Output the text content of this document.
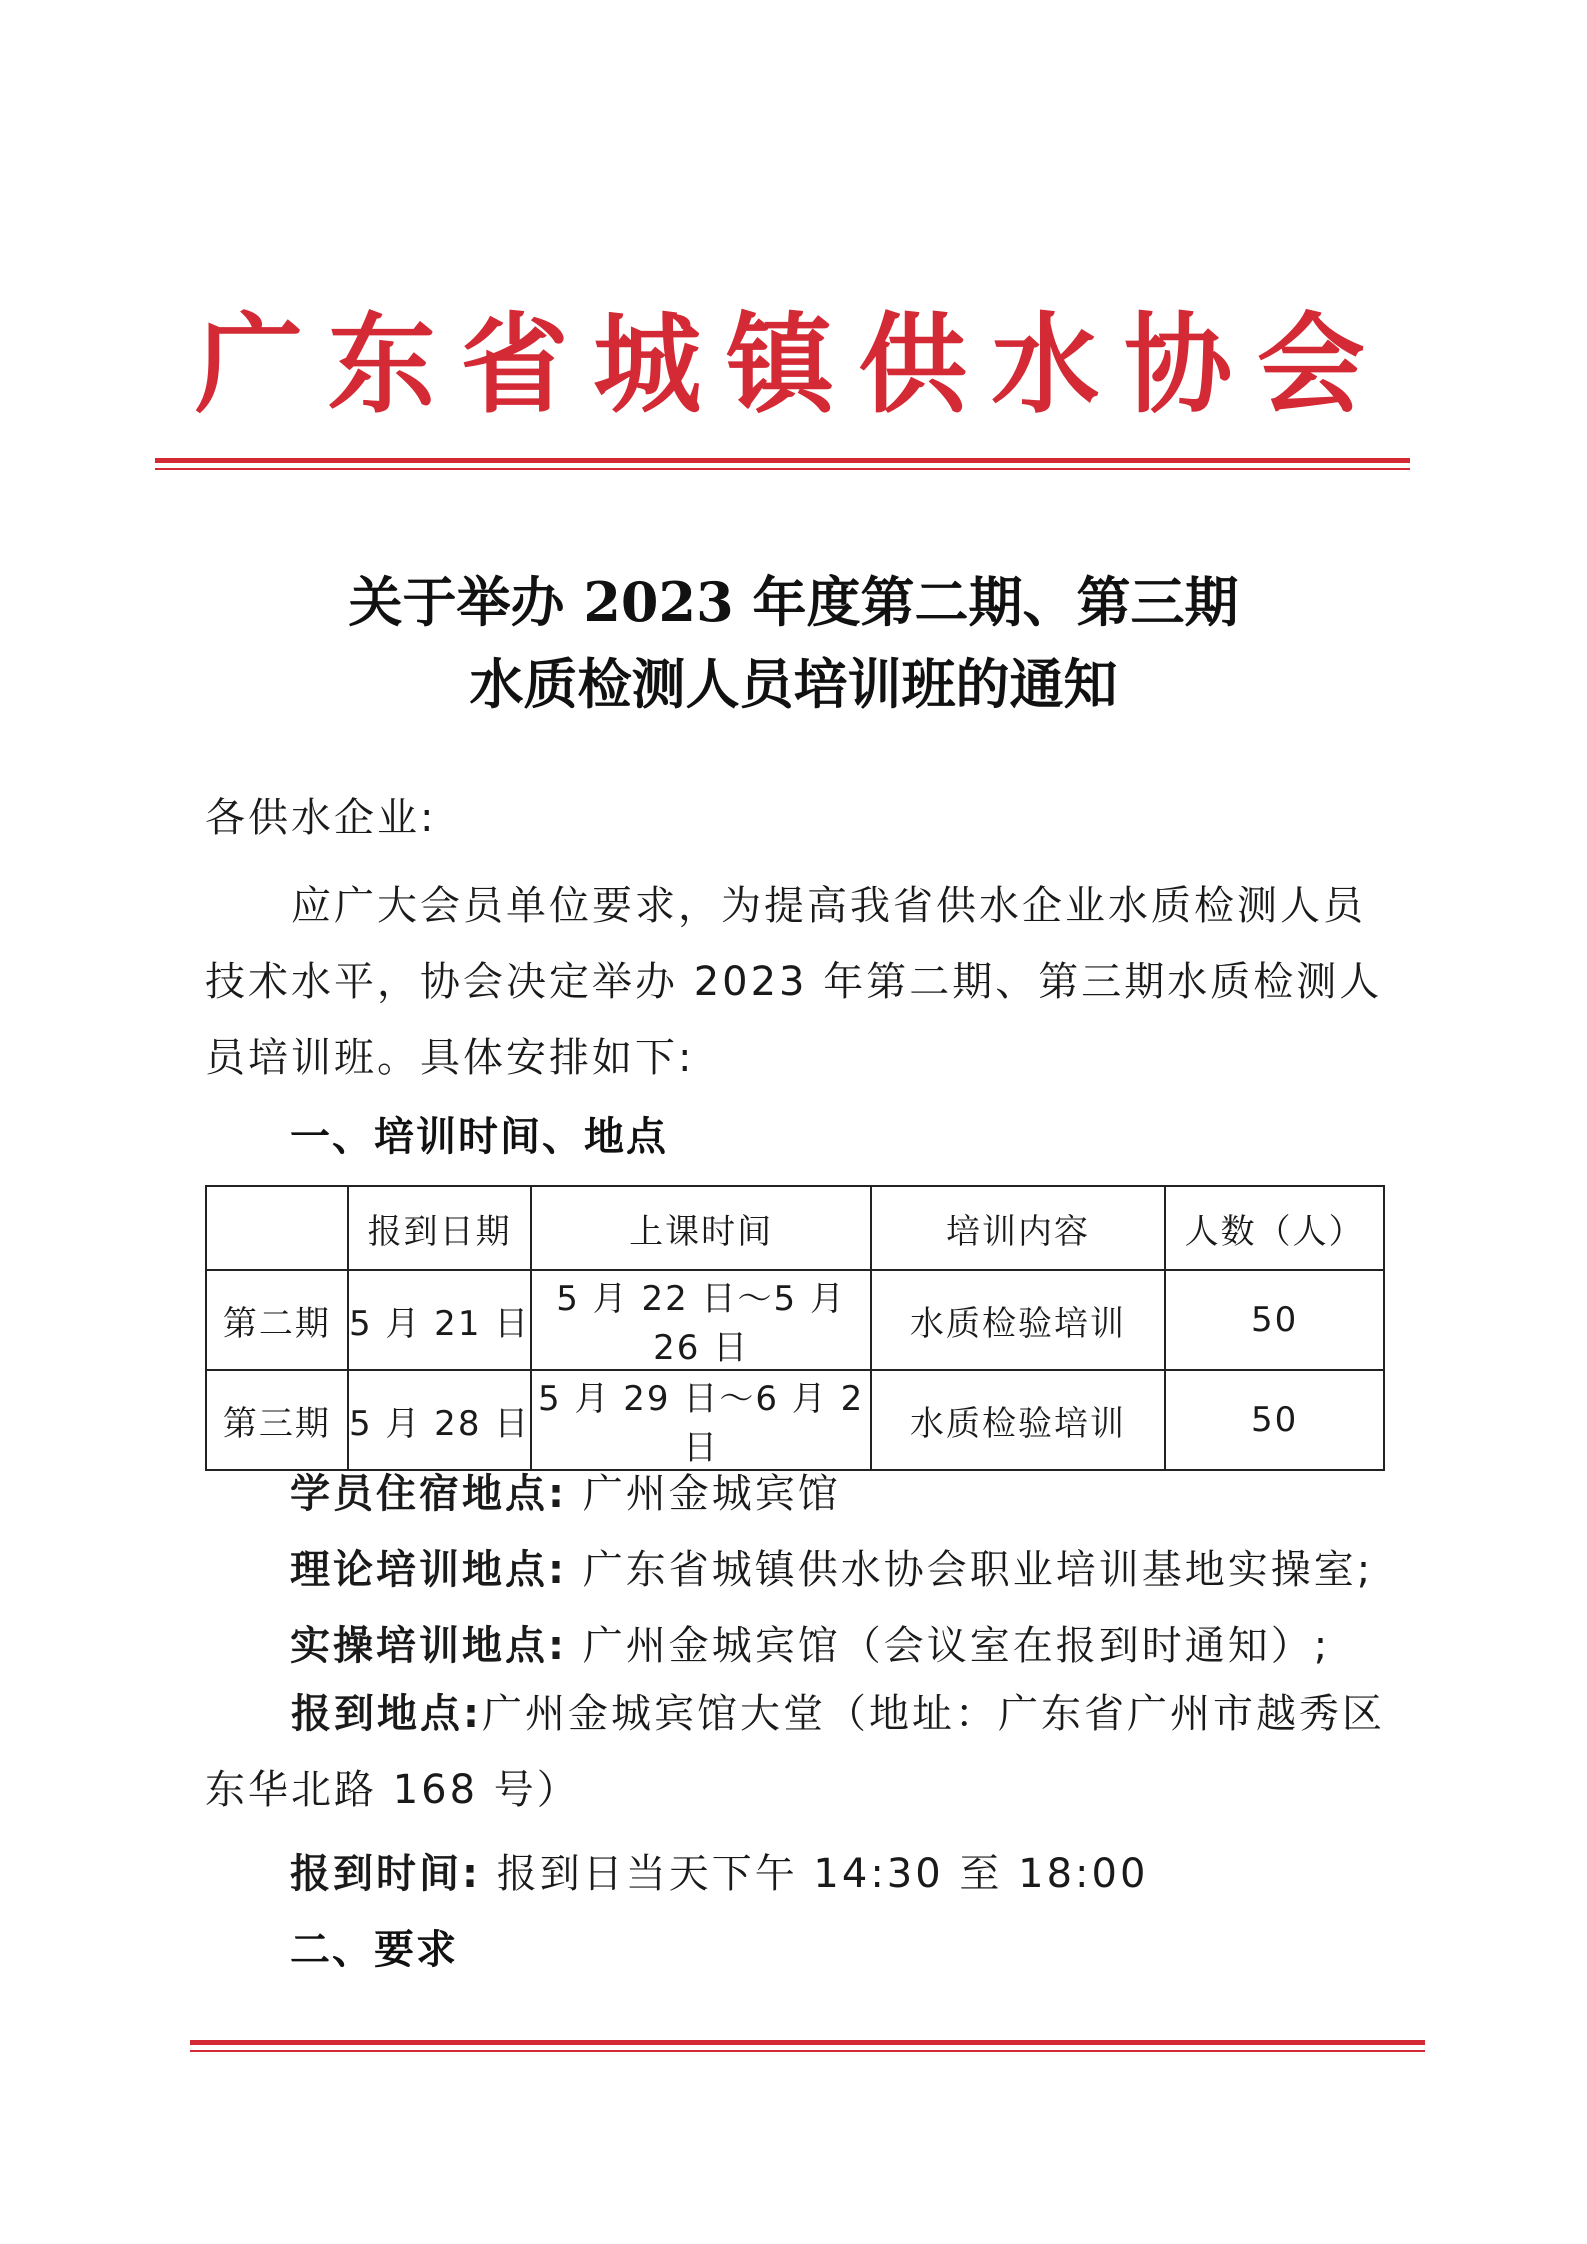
广 东 省 城 镇 供 水 协 会
关于举办 2023 年度第二期、第三期
水质检测人员培训班的通知
各供水企业:
应广大会员单位要求，为提高我省供水企业水质检测人员技术水平，协会决定举办 2023 年第二期、第三期水质检测人员培训班。具体安排如下:
一、培训时间、地点
	报到日期	上课时间	培训内容	人数（人）
第二期	5 月 21 日	5 月 22 日～5 月 26 日	水质检验培训	50
第三期	5 月 28 日	5 月 29 日～6 月 2 日	水质检验培训	50
学员住宿地点: 广州金城宾馆
理论培训地点: 广东省城镇供水协会职业培训基地实操室;
实操培训地点: 广州金城宾馆（会议室在报到时通知）;
报到地点:广州金城宾馆大堂（地址：广东省广州市越秀区东华北路 168 号）
报到时间: 报到日当天下午 14:30 至 18:00
二、要求
